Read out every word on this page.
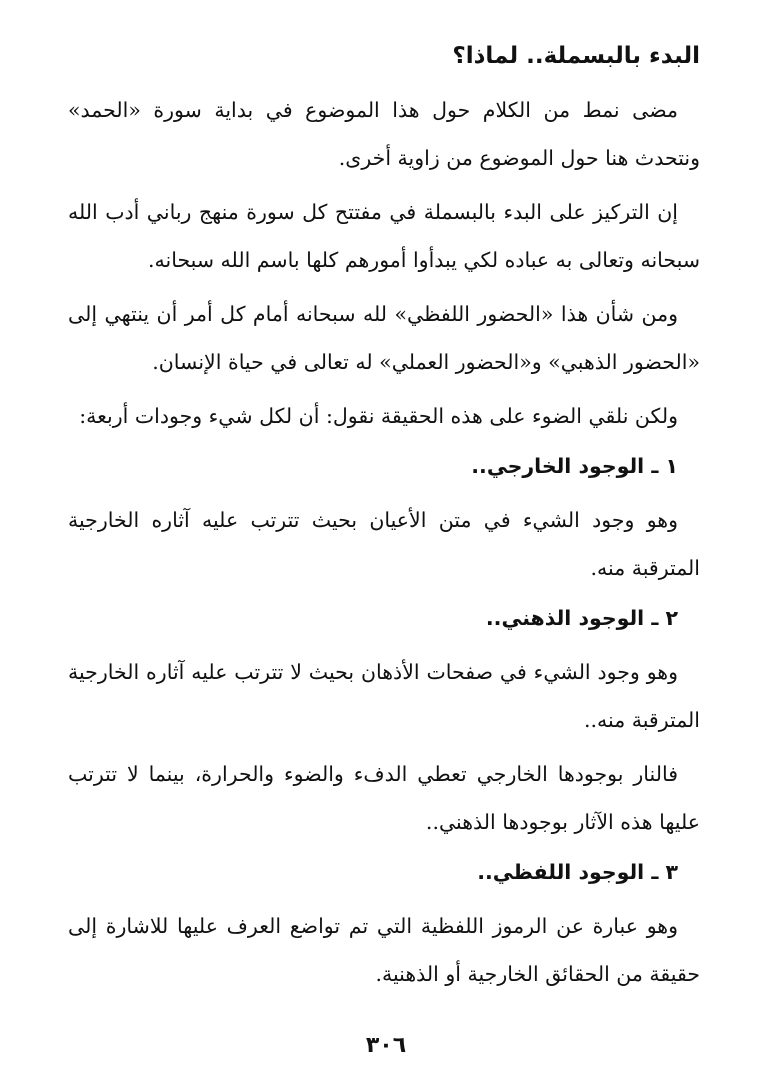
البدء بالبسملة.. لماذا؟

مضى نمط من الكلام حول هذا الموضوع في بداية سورة «الحمد» ونتحدث هنا حول الموضوع من زاوية أخرى.

إن التركيز على البدء بالبسملة في مفتتح كل سورة منهج رباني أدب الله سبحانه وتعالى به عباده لكي يبدأوا أمورهم كلها باسم الله سبحانه.

ومن شأن هذا «الحضور اللفظي» لله سبحانه أمام كل أمر أن ينتهي إلى «الحضور الذهبي» و«الحضور العملي» له تعالى في حياة الإنسان.

ولكن نلقي الضوء على هذه الحقيقة نقول: أن لكل شيء وجودات أربعة:

١ ـ الوجود الخارجي..

وهو وجود الشيء في متن الأعيان بحيث تترتب عليه آثاره الخارجية المترقبة منه.

٢ ـ الوجود الذهني..

وهو وجود الشيء في صفحات الأذهان بحيث لا تترتب عليه آثاره الخارجية المترقبة منه..

فالنار بوجودها الخارجي تعطي الدفء والضوء والحرارة، بينما لا تترتب عليها هذه الآثار بوجودها الذهني..

٣ ـ الوجود اللفظي..

وهو عبارة عن الرموز اللفظية التي تم تواضع العرف عليها للاشارة إلى حقيقة من الحقائق الخارجية أو الذهنية.

٣٠٦
